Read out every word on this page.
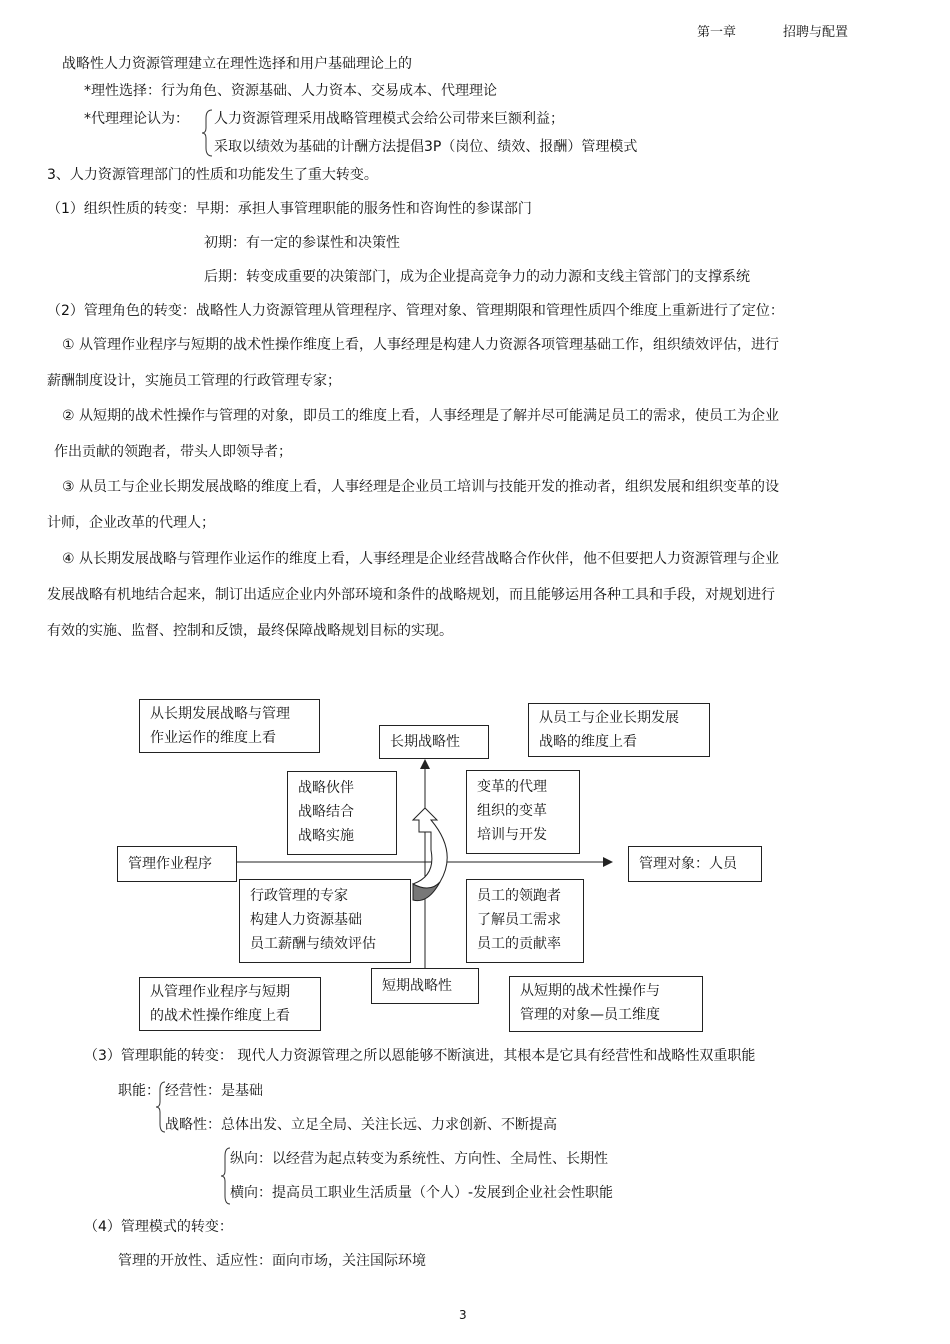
第一章	招聘与配置
战略性人力资源管理建立在理性选择和用户基础理论上的
*理性选择：行为角色、资源基础、人力资本、交易成本、代理理论
*代理理论认为： 人力资源管理采用战略管理模式会给公司带来巨额利益；
采取以绩效为基础的计酬方法提倡3P（岗位、绩效、报酬）管理模式
3、人力资源管理部门的性质和功能发生了重大转变。
（1）组织性质的转变：早期：承担人事管理职能的服务性和咨询性的参谋部门
初期：有一定的参谋性和决策性
后期：转变成重要的决策部门，成为企业提高竞争力的动力源和支线主管部门的支撑系统
（2）管理角色的转变：战略性人力资源管理从管理程序、管理对象、管理期限和管理性质四个维度上重新进行了定位：
① 从管理作业程序与短期的战术性操作维度上看，人事经理是构建人力资源各项管理基础工作，组织绩效评估，进行
薪酬制度设计，实施员工管理的行政管理专家；
② 从短期的战术性操作与管理的对象，即员工的维度上看，人事经理是了解并尽可能满足员工的需求，使员工为企业
作出贡献的领跑者，带头人即领导者；
③ 从员工与企业长期发展战略的维度上看，人事经理是企业员工培训与技能开发的推动者，组织发展和组织变革的设
计师，企业改革的代理人；
④ 从长期发展战略与管理作业运作的维度上看，人事经理是企业经营战略合作伙伴，他不但要把人力资源管理与企业
发展战略有机地结合起来，制订出适应企业内外部环境和条件的战略规划，而且能够运用各种工具和手段，对规划进行
有效的实施、监督、控制和反馈，最终保障战略规划目标的实现。
从长期发展战略与管理
作业运作的维度上看
从员工与企业长期发展
战略的维度上看
长期战略性
战略伙伴
战略结合
战略实施
变革的代理
组织的变革
培训与开发
管理作业程序	管理对象：人员
行政管理的专家
构建人力资源基础
员工薪酬与绩效评估
员工的领跑者
了解员工需求
员工的贡献率
短期战略性
从管理作业程序与短期
的战术性操作维度上看
从短期的战术性操作与
管理的对象—员工维度
（3）管理职能的转变： 现代人力资源管理之所以恩能够不断演进，其根本是它具有经营性和战略性双重职能
职能： 经营性：是基础
战略性：总体出发、立足全局、关注长远、力求创新、不断提高
纵向：以经营为起点转变为系统性、方向性、全局性、长期性
横向：提高员工职业生活质量（个人）-发展到企业社会性职能
（4）管理模式的转变：
管理的开放性、适应性：面向市场，关注国际环境
3
